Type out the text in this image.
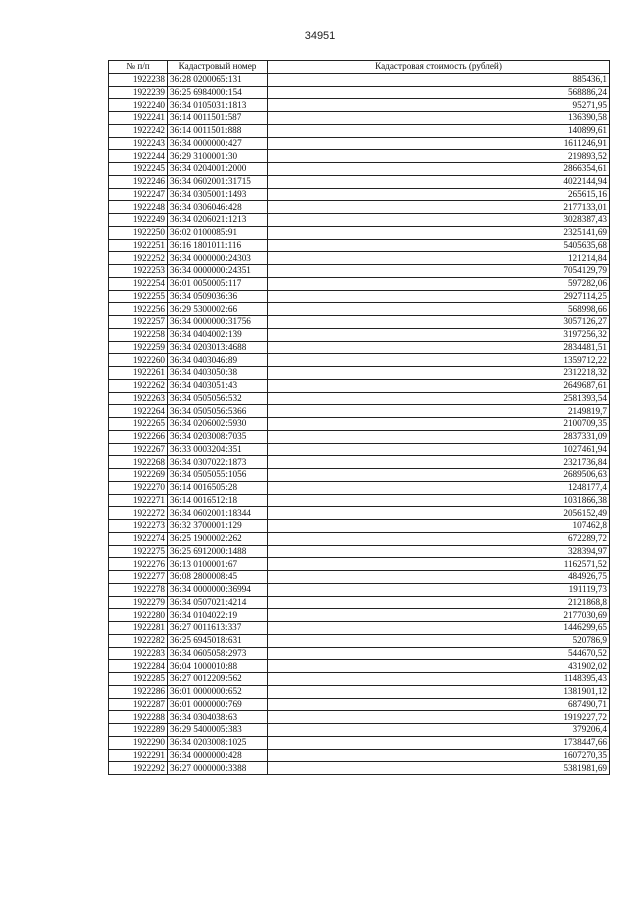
34951
№ п/п	Кадастровый номер	Кадастровая стоимость (рублей)
1922238	36:28 0200065:131	885436,1
1922239	36:25 6984000:154	568886,24
1922240	36:34 0105031:1813	95271,95
1922241	36:14 0011501:587	136390,58
1922242	36:14 0011501:888	140899,61
1922243	36:34 0000000:427	1611246,91
1922244	36:29 3100001:30	219893,52
1922245	36:34 0204001:2000	2866354,61
1922246	36:34 0602001:31715	4022144,94
1922247	36:34 0305001:1493	265615,16
1922248	36:34 0306046:428	2177133,01
1922249	36:34 0206021:1213	3028387,43
1922250	36:02 0100085:91	2325141,69
1922251	36:16 1801011:116	5405635,68
1922252	36:34 0000000:24303	121214,84
1922253	36:34 0000000:24351	7054129,79
1922254	36:01 0050005:117	597282,06
1922255	36:34 0509036:36	2927114,25
1922256	36:29 5300002:66	568998,66
1922257	36:34 0000000:31756	3057126,27
1922258	36:34 0404002:139	3197256,32
1922259	36:34 0203013:4688	2834481,51
1922260	36:34 0403046:89	1359712,22
1922261	36:34 0403050:38	2312218,32
1922262	36:34 0403051:43	2649687,61
1922263	36:34 0505056:532	2581393,54
1922264	36:34 0505056:5366	2149819,7
1922265	36:34 0206002:5930	2100709,35
1922266	36:34 0203008:7035	2837331,09
1922267	36:33 0003204:351	1027461,94
1922268	36:34 0307022:1873	2321736,84
1922269	36:34 0505055:1056	2689506,63
1922270	36:14 0016505:28	1248177,4
1922271	36:14 0016512:18	1031866,38
1922272	36:34 0602001:18344	2056152,49
1922273	36:32 3700001:129	107462,8
1922274	36:25 1900002:262	672289,72
1922275	36:25 6912000:1488	328394,97
1922276	36:13 0100001:67	1162571,52
1922277	36:08 2800008:45	484926,75
1922278	36:34 0000000:36994	191119,73
1922279	36:34 0507021:4214	2121868,8
1922280	36:34 0104022:19	2177030,69
1922281	36:27 0011613:337	1446299,65
1922282	36:25 6945018:631	520786,9
1922283	36:34 0605058:2973	544670,52
1922284	36:04 1000010:88	431902,02
1922285	36:27 0012209:562	1148395,43
1922286	36:01 0000000:652	1381901,12
1922287	36:01 0000000:769	687490,71
1922288	36:34 0304038:63	1919227,72
1922289	36:29 5400005:383	379206,4
1922290	36:34 0203008:1025	1738447,66
1922291	36:34 0000000:428	1607270,35
1922292	36:27 0000000:3388	5381981,69
